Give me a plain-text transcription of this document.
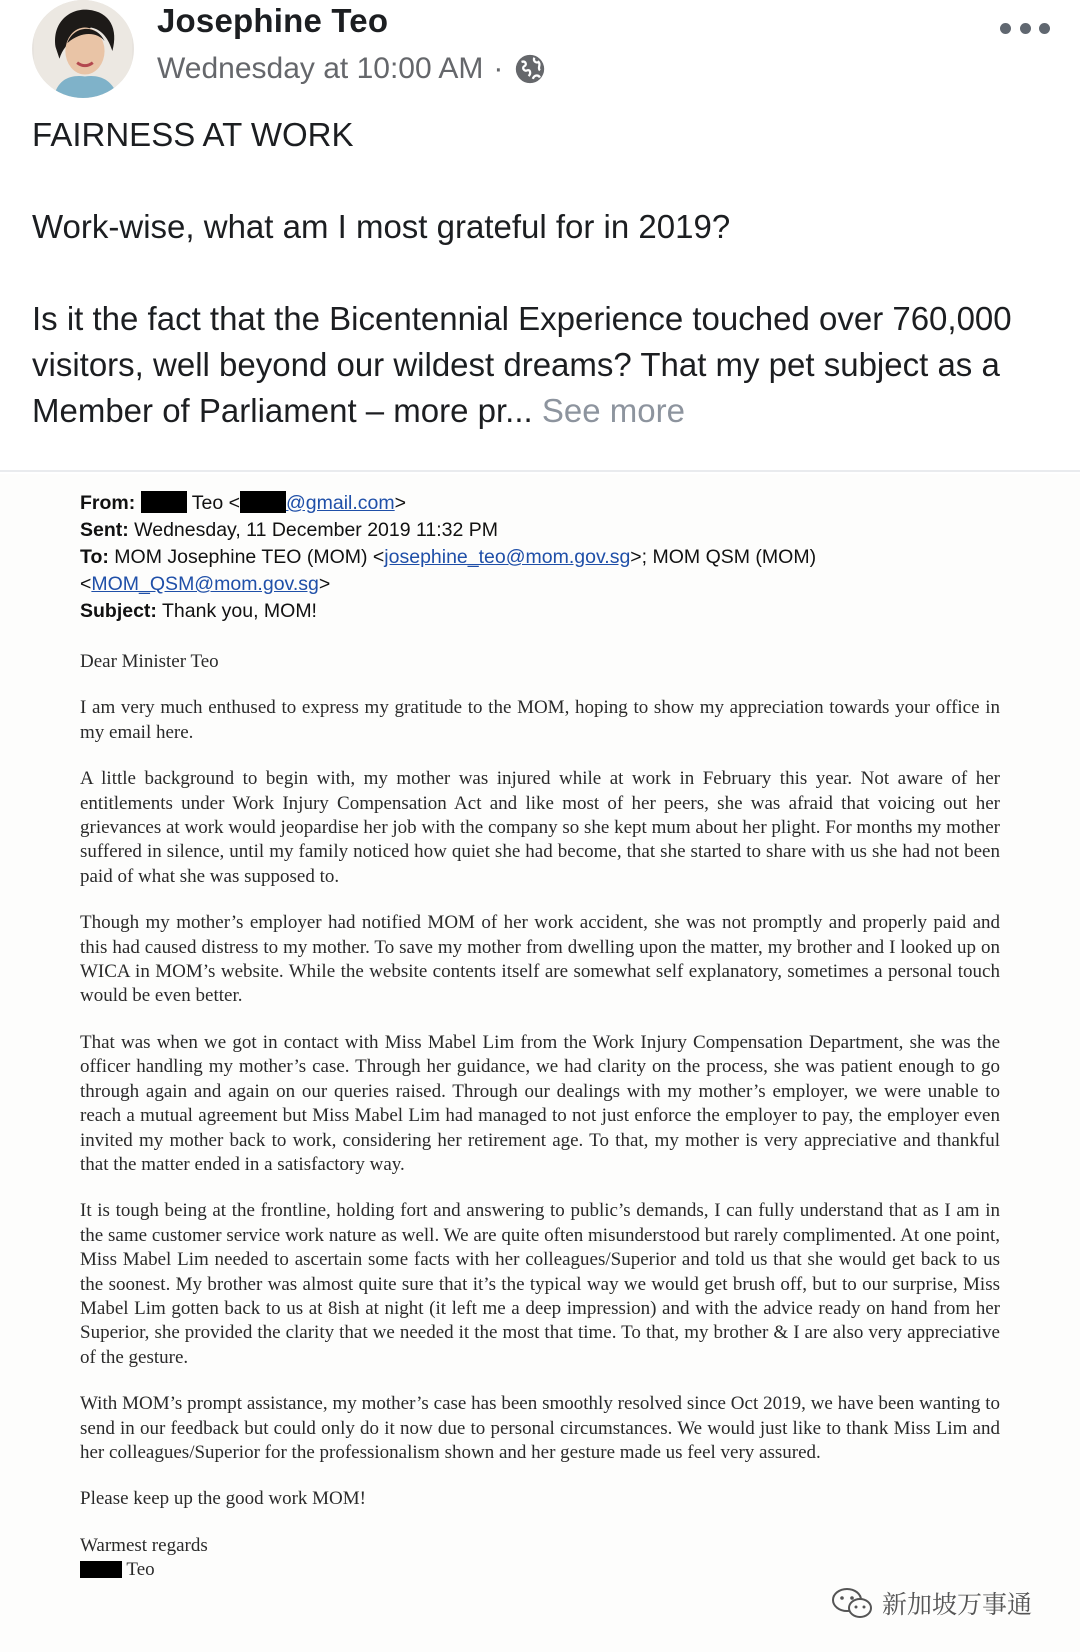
Josephine Teo
Wednesday at 10:00 AM ·

FAIRNESS AT WORK

Work-wise, what am I most grateful for in 2019?

Is it the fact that the Bicentennial Experience touched over 760,000 visitors, well beyond our wildest dreams? That my pet subject as a Member of Parliament – more pr... See more

From:	Teo < @gmail.com>
Sent: Wednesday, 11 December 2019 11:32 PM
To: MOM Josephine TEO (MOM) <josephine_teo@mom.gov.sg>; MOM QSM (MOM)
<MOM_QSM@mom.gov.sg>
Subject: Thank you, MOM!

Dear Minister Teo

I am very much enthused to express my gratitude to the MOM, hoping to show my appreciation towards your office in my email here.

A little background to begin with, my mother was injured while at work in February this year. Not aware of her entitlements under Work Injury Compensation Act and like most of her peers, she was afraid that voicing out her grievances at work would jeopardise her job with the company so she kept mum about her plight. For months my mother suffered in silence, until my family noticed how quiet she had become, that she started to share with us she had not been paid of what she was supposed to.

Though my mother’s employer had notified MOM of her work accident, she was not promptly and properly paid and this had caused distress to my mother. To save my mother from dwelling upon the matter, my brother and I looked up on WICA in MOM’s website. While the website contents itself are somewhat self explanatory, sometimes a personal touch would be even better.

That was when we got in contact with Miss Mabel Lim from the Work Injury Compensation Department, she was the officer handling my mother’s case. Through her guidance, we had clarity on the process, she was patient enough to go through again and again on our queries raised. Through our dealings with my mother’s employer, we were unable to reach a mutual agreement but Miss Mabel Lim had managed to not just enforce the employer to pay, the employer even invited my mother back to work, considering her retirement age. To that, my mother is very appreciative and thankful that the matter ended in a satisfactory way.

It is tough being at the frontline, holding fort and answering to public’s demands, I can fully understand that as I am in the same customer service work nature as well. We are quite often misunderstood but rarely complimented. At one point, Miss Mabel Lim needed to ascertain some facts with her colleagues/Superior and told us that she would get back to us the soonest. My brother was almost quite sure that it’s the typical way we would get brush off, but to our surprise, Miss Mabel Lim gotten back to us at 8ish at night (it left me a deep impression) and with the advice ready on hand from her Superior, she provided the clarity that we needed it the most that time. To that, my brother & I are also very appreciative of the gesture.

With MOM’s prompt assistance, my mother’s case has been smoothly resolved since Oct 2019, we have been wanting to send in our feedback but could only do it now due to personal circumstances. We would just like to thank Miss Lim and her colleagues/Superior for the professionalism shown and her gesture made us feel very assured.

Please keep up the good work MOM!

Warmest regards

Teo

新加坡万事通
